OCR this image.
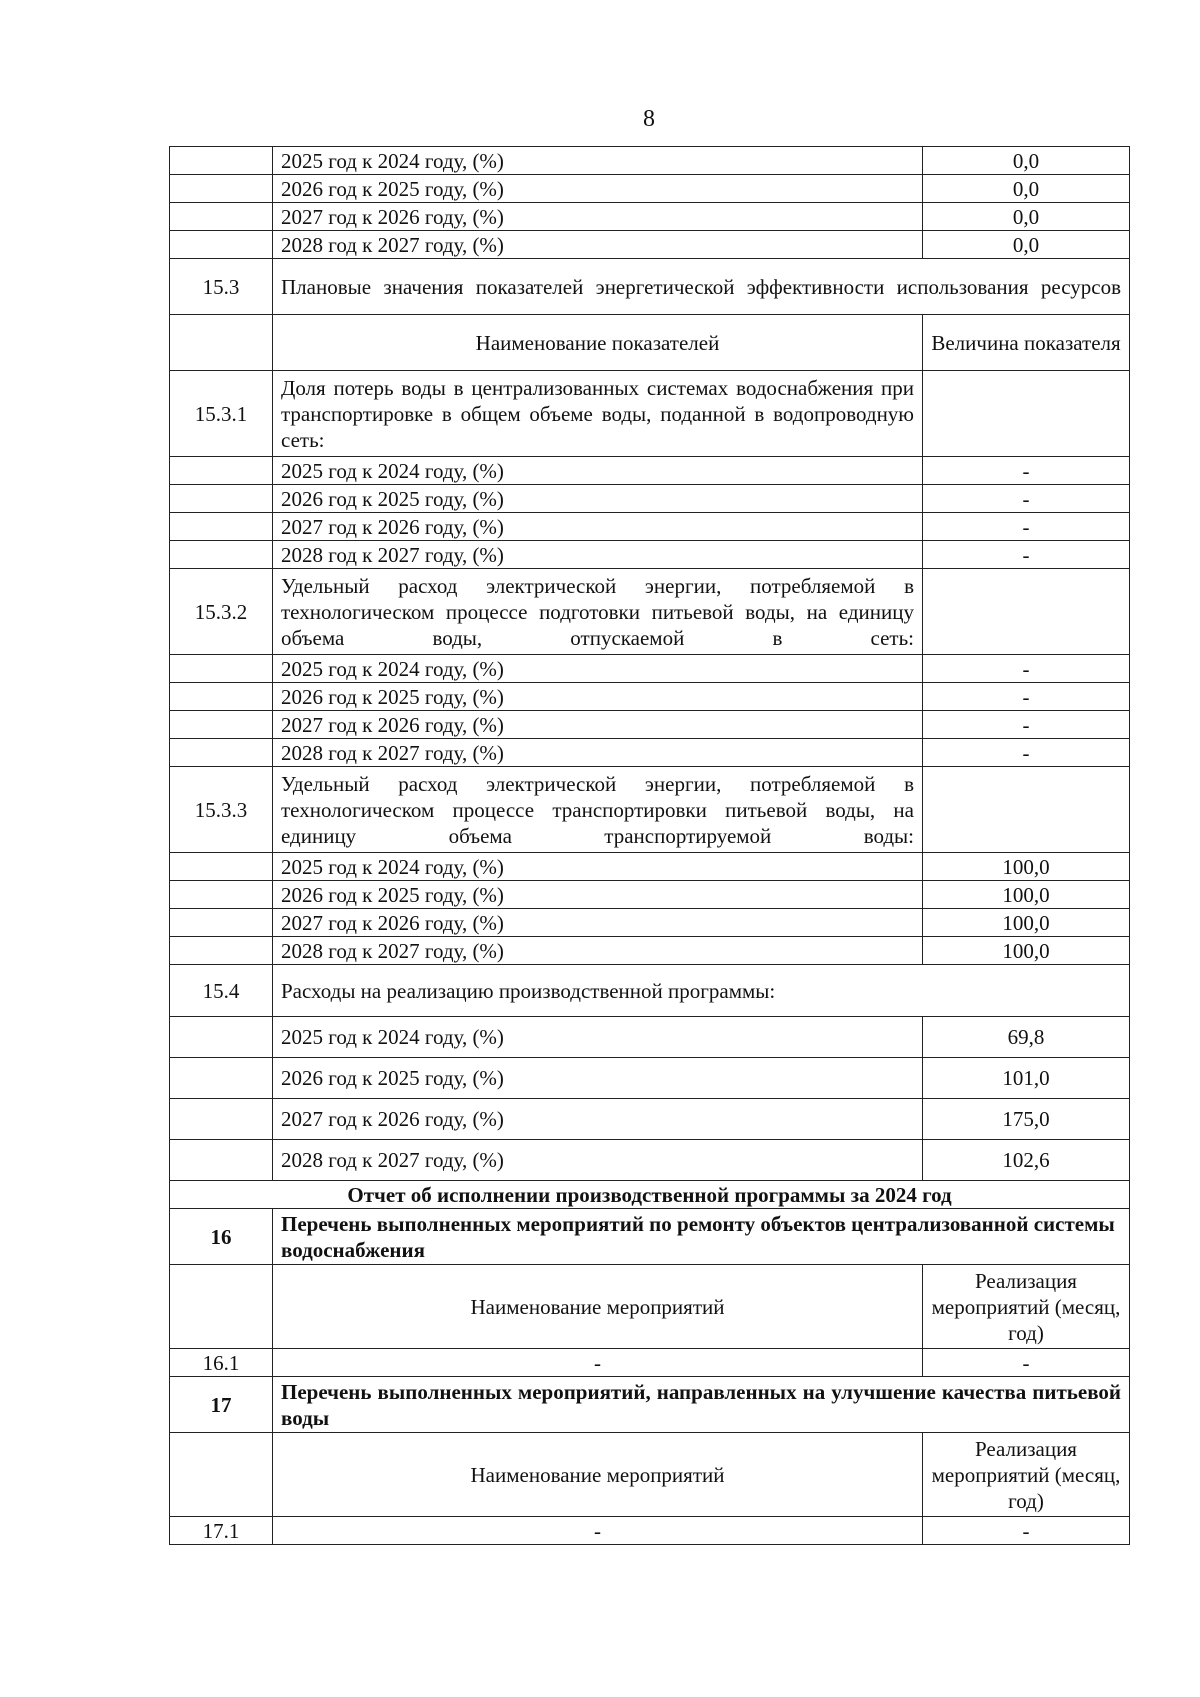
8
	2025 год к 2024 году, (%)	0,0
	2026 год к 2025 году, (%)	0,0
	2027 год к 2026 году, (%)	0,0
	2028 год к 2027 году, (%)	0,0
15.3	Плановые значения показателей энергетической эффективности использования ресурсов	
	Наименование показателей	Величина показателя
15.3.1	Доля потерь воды в централизованных системах водоснабжения при транспортировке в общем объеме воды, поданной в водопроводную сеть:	
	2025 год к 2024 году, (%)	-
	2026 год к 2025 году, (%)	-
	2027 год к 2026 году, (%)	-
	2028 год к 2027 году, (%)	-
15.3.2	Удельный расход электрической энергии, потребляемой в технологическом процессе подготовки питьевой воды, на единицу объема воды, отпускаемой в сеть:	
	2025 год к 2024 году, (%)	-
	2026 год к 2025 году, (%)	-
	2027 год к 2026 году, (%)	-
	2028 год к 2027 году, (%)	-
15.3.3	Удельный расход электрической энергии, потребляемой в технологическом процессе транспортировки питьевой воды, на единицу объема транспортируемой воды:	
	2025 год к 2024 году, (%)	100,0
	2026 год к 2025 году, (%)	100,0
	2027 год к 2026 году, (%)	100,0
	2028 год к 2027 году, (%)	100,0
15.4	Расходы на реализацию производственной программы:	
	2025 год к 2024 году, (%)	69,8
	2026 год к 2025 году, (%)	101,0
	2027 год к 2026 году, (%)	175,0
	2028 год к 2027 году, (%)	102,6
Отчет об исполнении производственной программы за 2024 год		
16	Перечень выполненных мероприятий по ремонту объектов централизованной системы водоснабжения	
	Наименование мероприятий	Реализация мероприятий (месяц, год)
16.1	-	-
17	Перечень выполненных мероприятий, направленных на улучшение качества питьевой воды	
	Наименование мероприятий	Реализация мероприятий (месяц, год)
17.1	-	-
